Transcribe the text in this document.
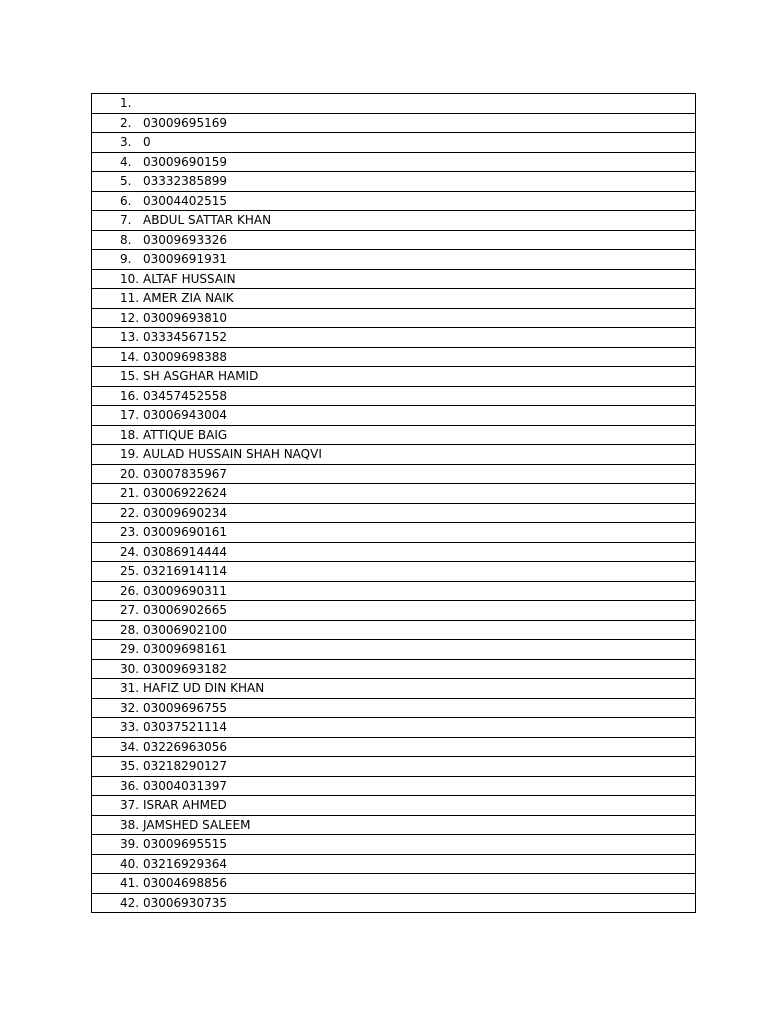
1.
2. 03009695169
3. 0
4. 03009690159
5. 03332385899
6. 03004402515
7. ABDUL SATTAR KHAN
8. 03009693326
9. 03009691931
10. ALTAF HUSSAIN
11. AMER ZIA NAIK
12. 03009693810
13. 03334567152
14. 03009698388
15. SH ASGHAR HAMID
16. 03457452558
17. 03006943004
18. ATTIQUE BAIG
19. AULAD HUSSAIN SHAH NAQVI
20. 03007835967
21. 03006922624
22. 03009690234
23. 03009690161
24. 03086914444
25. 03216914114
26. 03009690311
27. 03006902665
28. 03006902100
29. 03009698161
30. 03009693182
31. HAFIZ UD DIN KHAN
32. 03009696755
33. 03037521114
34. 03226963056
35. 03218290127
36. 03004031397
37. ISRAR AHMED
38. JAMSHED SALEEM
39. 03009695515
40. 03216929364
41. 03004698856
42. 03006930735
